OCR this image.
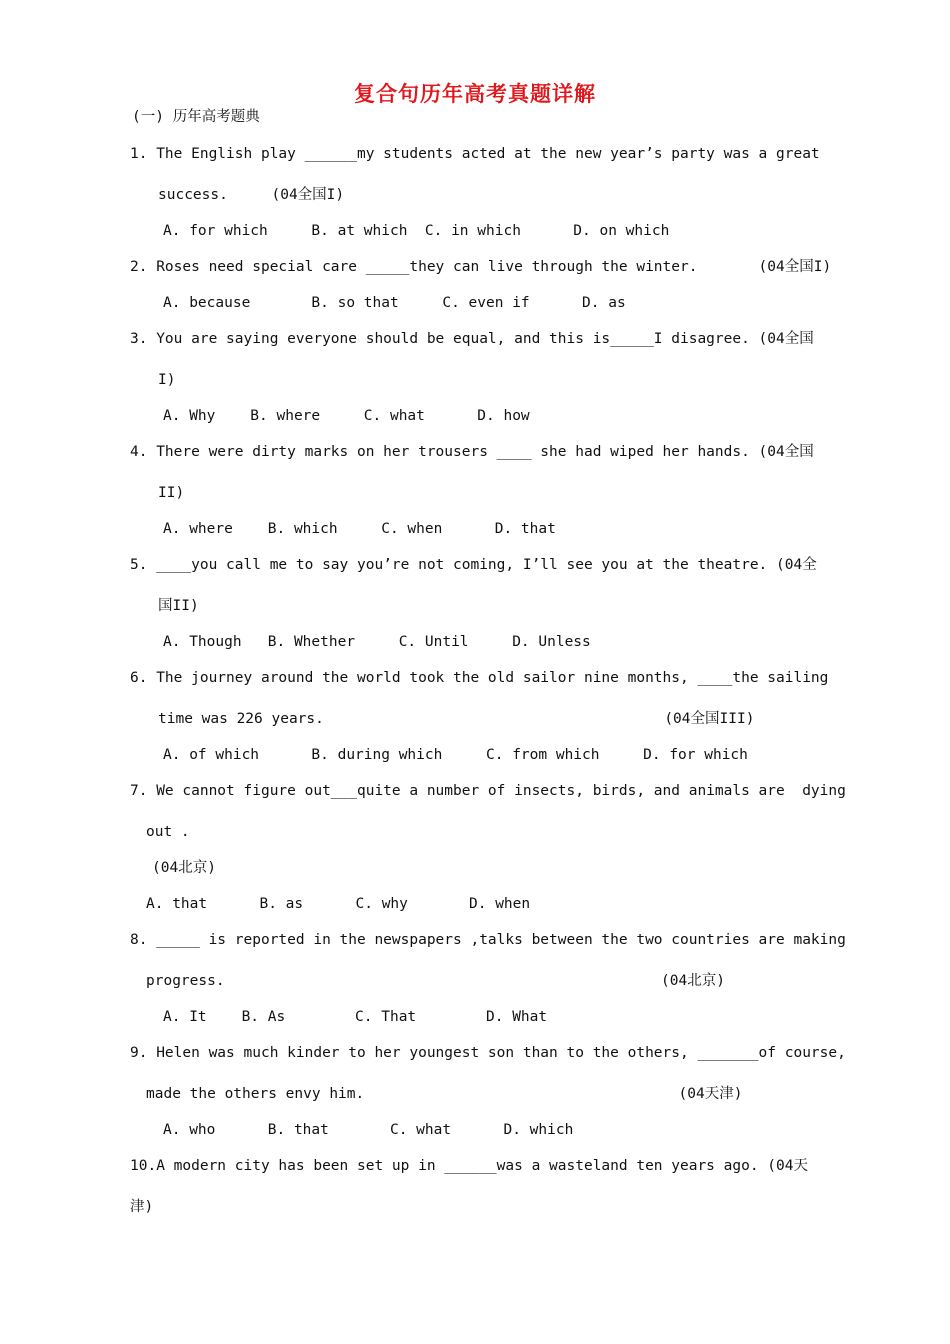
复合句历年高考真题详解
(一) 历年高考题典
1. The English play ______my students acted at the new year’s party was a great
success.     (04全国I)
A. for which     B. at which  C. in which      D. on which
2. Roses need special care _____they can live through the winter.       (04全国I)
A. because       B. so that     C. even if      D. as
3. You are saying everyone should be equal, and this is_____I disagree. (04全国
I)
A. Why    B. where     C. what      D. how
4. There were dirty marks on her trousers ____ she had wiped her hands. (04全国
II)
A. where    B. which     C. when      D. that
5. ____you call me to say you’re not coming, I’ll see you at the theatre. (04全
国II)
A. Though   B. Whether     C. Until     D. Unless
6. The journey around the world took the old sailor nine months, ____the sailing
time was 226 years.                                       (04全国III)
A. of which      B. during which     C. from which     D. for which
7. We cannot figure out___quite a number of insects, birds, and animals are  dying
out .
(04北京)
A. that      B. as      C. why       D. when
8. _____ is reported in the newspapers ,talks between the two countries are making
progress.                                                  (04北京)
A. It    B. As        C. That        D. What
9. Helen was much kinder to her youngest son than to the others, _______of course,
made the others envy him.                                    (04天津)
A. who      B. that       C. what      D. which
10.A modern city has been set up in ______was a wasteland ten years ago. (04天
津)
